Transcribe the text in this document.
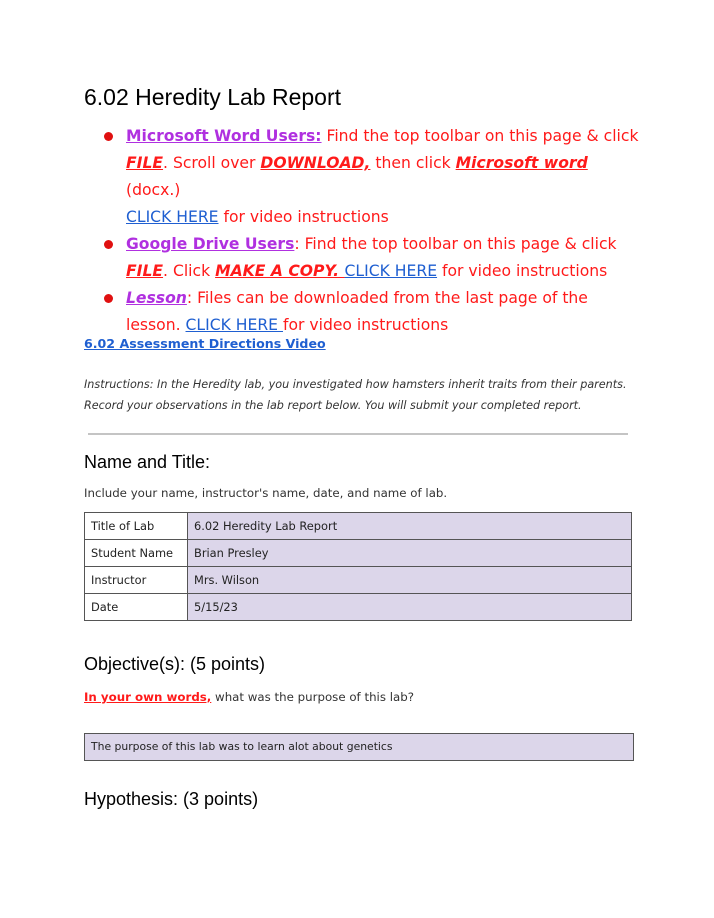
6.02 Heredity Lab Report
Microsoft Word Users: Find the top toolbar on this page & click FILE. Scroll over DOWNLOAD, then click Microsoft word (docx.)
CLICK HERE for video instructions
Google Drive Users: Find the top toolbar on this page & click FILE. Click MAKE A COPY. CLICK HERE for video instructions
Lesson: Files can be downloaded from the last page of the lesson. CLICK HERE for video instructions
6.02 Assessment Directions Video
Instructions: In the Heredity lab, you investigated how hamsters inherit traits from their parents. Record your observations in the lab report below. You will submit your completed report.
Name and Title:
Include your name, instructor's name, date, and name of lab.
Title of Lab	6.02 Heredity Lab Report
Student Name	Brian Presley
Instructor	Mrs. Wilson
Date	5/15/23
Objective(s): (5 points)
In your own words, what was the purpose of this lab?
The purpose of this lab was to learn alot about genetics
Hypothesis: (3 points)
